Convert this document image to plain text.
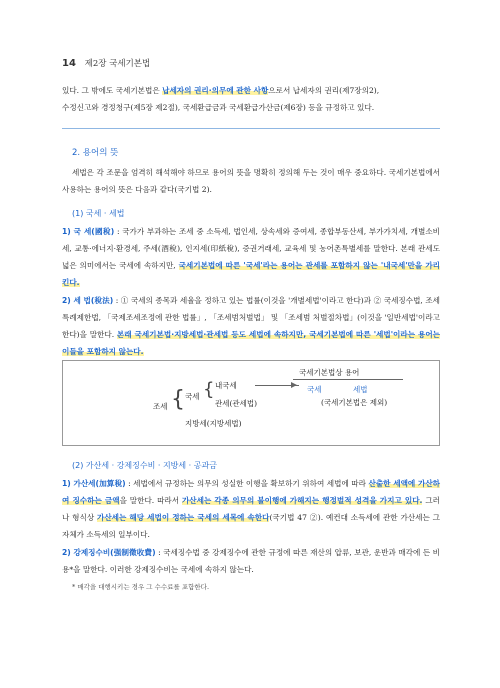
14 제2장 국세기본법
있다. 그 밖에도 국세기본법은 납세자의 권리·의무에 관한 사항으로서 납세자의 권리(제7장의2),
수정신고와 경정청구(제5장 제2절), 국세환급금과 국세환급가산금(제6장) 등을 규정하고 있다.
2. 용어의 뜻
세법은 각 조문을 엄격히 해석해야 하므로 용어의 뜻을 명확히 정의해 두는 것이 매우 중요하다. 국세기본법에서 사용하는 용어의 뜻은 다음과 같다(국기법 2).
(1) 국세 · 세법
1) 국 세(國稅) : 국가가 부과하는 조세 중 소득세, 법인세, 상속세와 증여세, 종합부동산세, 부가가치세, 개별소비세, 교통·에너지·환경세, 주세(酒稅), 인지세(印紙稅), 증권거래세, 교육세 및 농어촌특별세를 말한다. 본래 관세도 넓은 의미에서는 국세에 속하지만, 국세기본법에 따른 '국세'라는 용어는 관세를 포함하지 않는 '내국세'만을 가리킨다.
2) 세 법(稅法) : ① 국세의 종목과 세율을 정하고 있는 법률(이것을 '개별세법'이라고 한다)과 ② 국세징수법, 조세특례제한법, 「국제조세조정에 관한 법률」, 「조세범처벌법」 및 「조세범 처벌절차법」(이것을 '일반세법'이라고 한다)을 말한다. 본래 국세기본법·지방세법·관세법 등도 세법에 속하지만, 국세기본법에 따른 '세법'이라는 용어는 이들을 포함하지 않는다.
국세기본법상 용어
국세	세법
(국세기본법은 제외)
조세 { 국세 { 내국세
관세(관세법)
지방세(지방세법)
(2) 가산세 · 강제징수비 · 지방세 · 공과금
1) 가산세(加算稅) : 세법에서 규정하는 의무의 성실한 이행을 확보하기 위하여 세법에 따라 산출한 세액에 가산하여 징수하는 금액을 말한다. 따라서 가산세는 각종 의무의 불이행에 가해지는 행정벌적 성격을 가지고 있다. 그러나 형식상 가산세는 해당 세법이 정하는 국세의 세목에 속한다(국기법 47 ②). 예컨대 소득세에 관한 가산세는 그 자체가 소득세의 일부이다.
2) 강제징수비(强制徵收費) : 국세징수법 중 강제징수에 관한 규정에 따른 재산의 압류, 보관, 운반과 매각에 든 비용*을 말한다. 이러한 강제징수비는 국세에 속하지 않는다.
* 매각을 대행시키는 경우 그 수수료를 포함한다.
